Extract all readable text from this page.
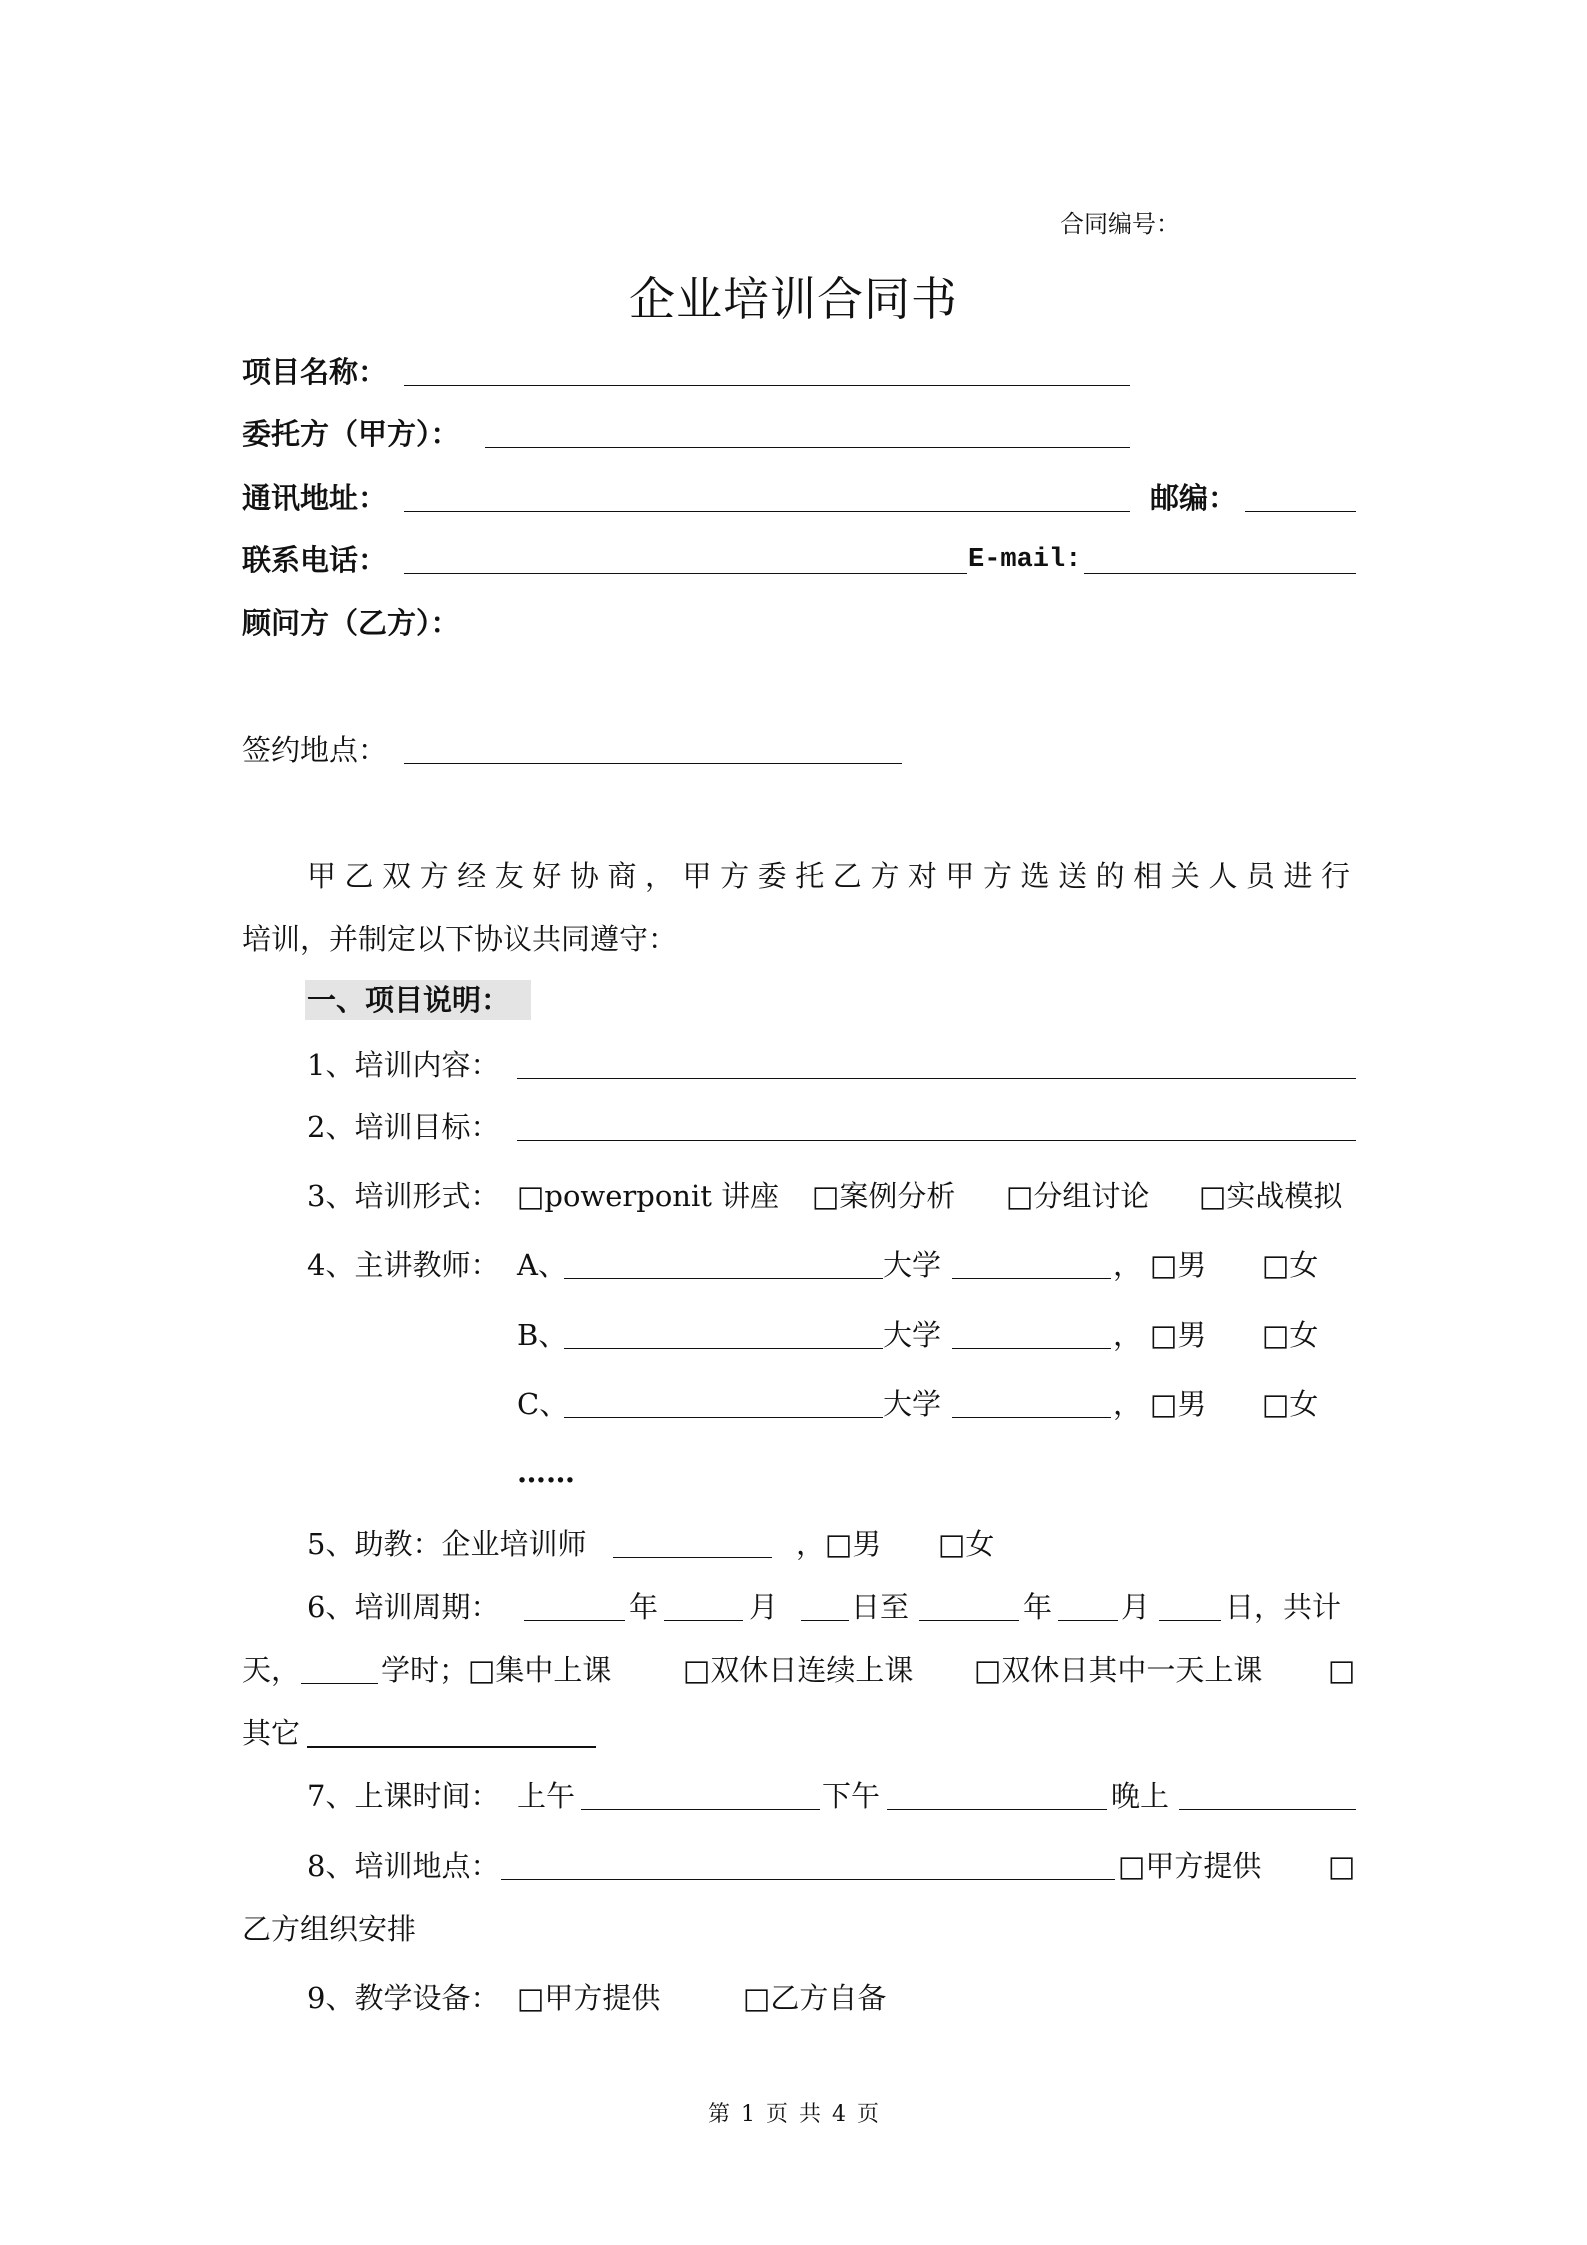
合同编号：
企业培训合同书
项目名称：
委托方（甲方）：
通讯地址：	邮编：
联系电话：	E-mail:
顾问方（乙方）：
签约地点：
甲乙双方经友好协商，甲方委托乙方对甲方选送的相关人员进行
培训，并制定以下协议共同遵守：
一、项目说明：
1、培训内容：
2、培训目标：
3、培训形式： □powerponit 讲座 □案例分析 □分组讨论 □实战模拟
4、主讲教师： A、	大学	， □男 □女
B、	大学	， □男 □女
C、	大学	， □男 □女
……
5、助教：企业培训师	， □男 □女
6、培训周期：	年	月	日至	年 月	日，共计
天，	学时； □集中上课 □双休日连续上课 □双休日其中一天上课 □
其它
7、上课时间： 上午	下午	晚上
8、培训地点：	□甲方提供 □
乙方组织安排
9、教学设备： □甲方提供	□乙方自备
第 1 页 共 4 页
